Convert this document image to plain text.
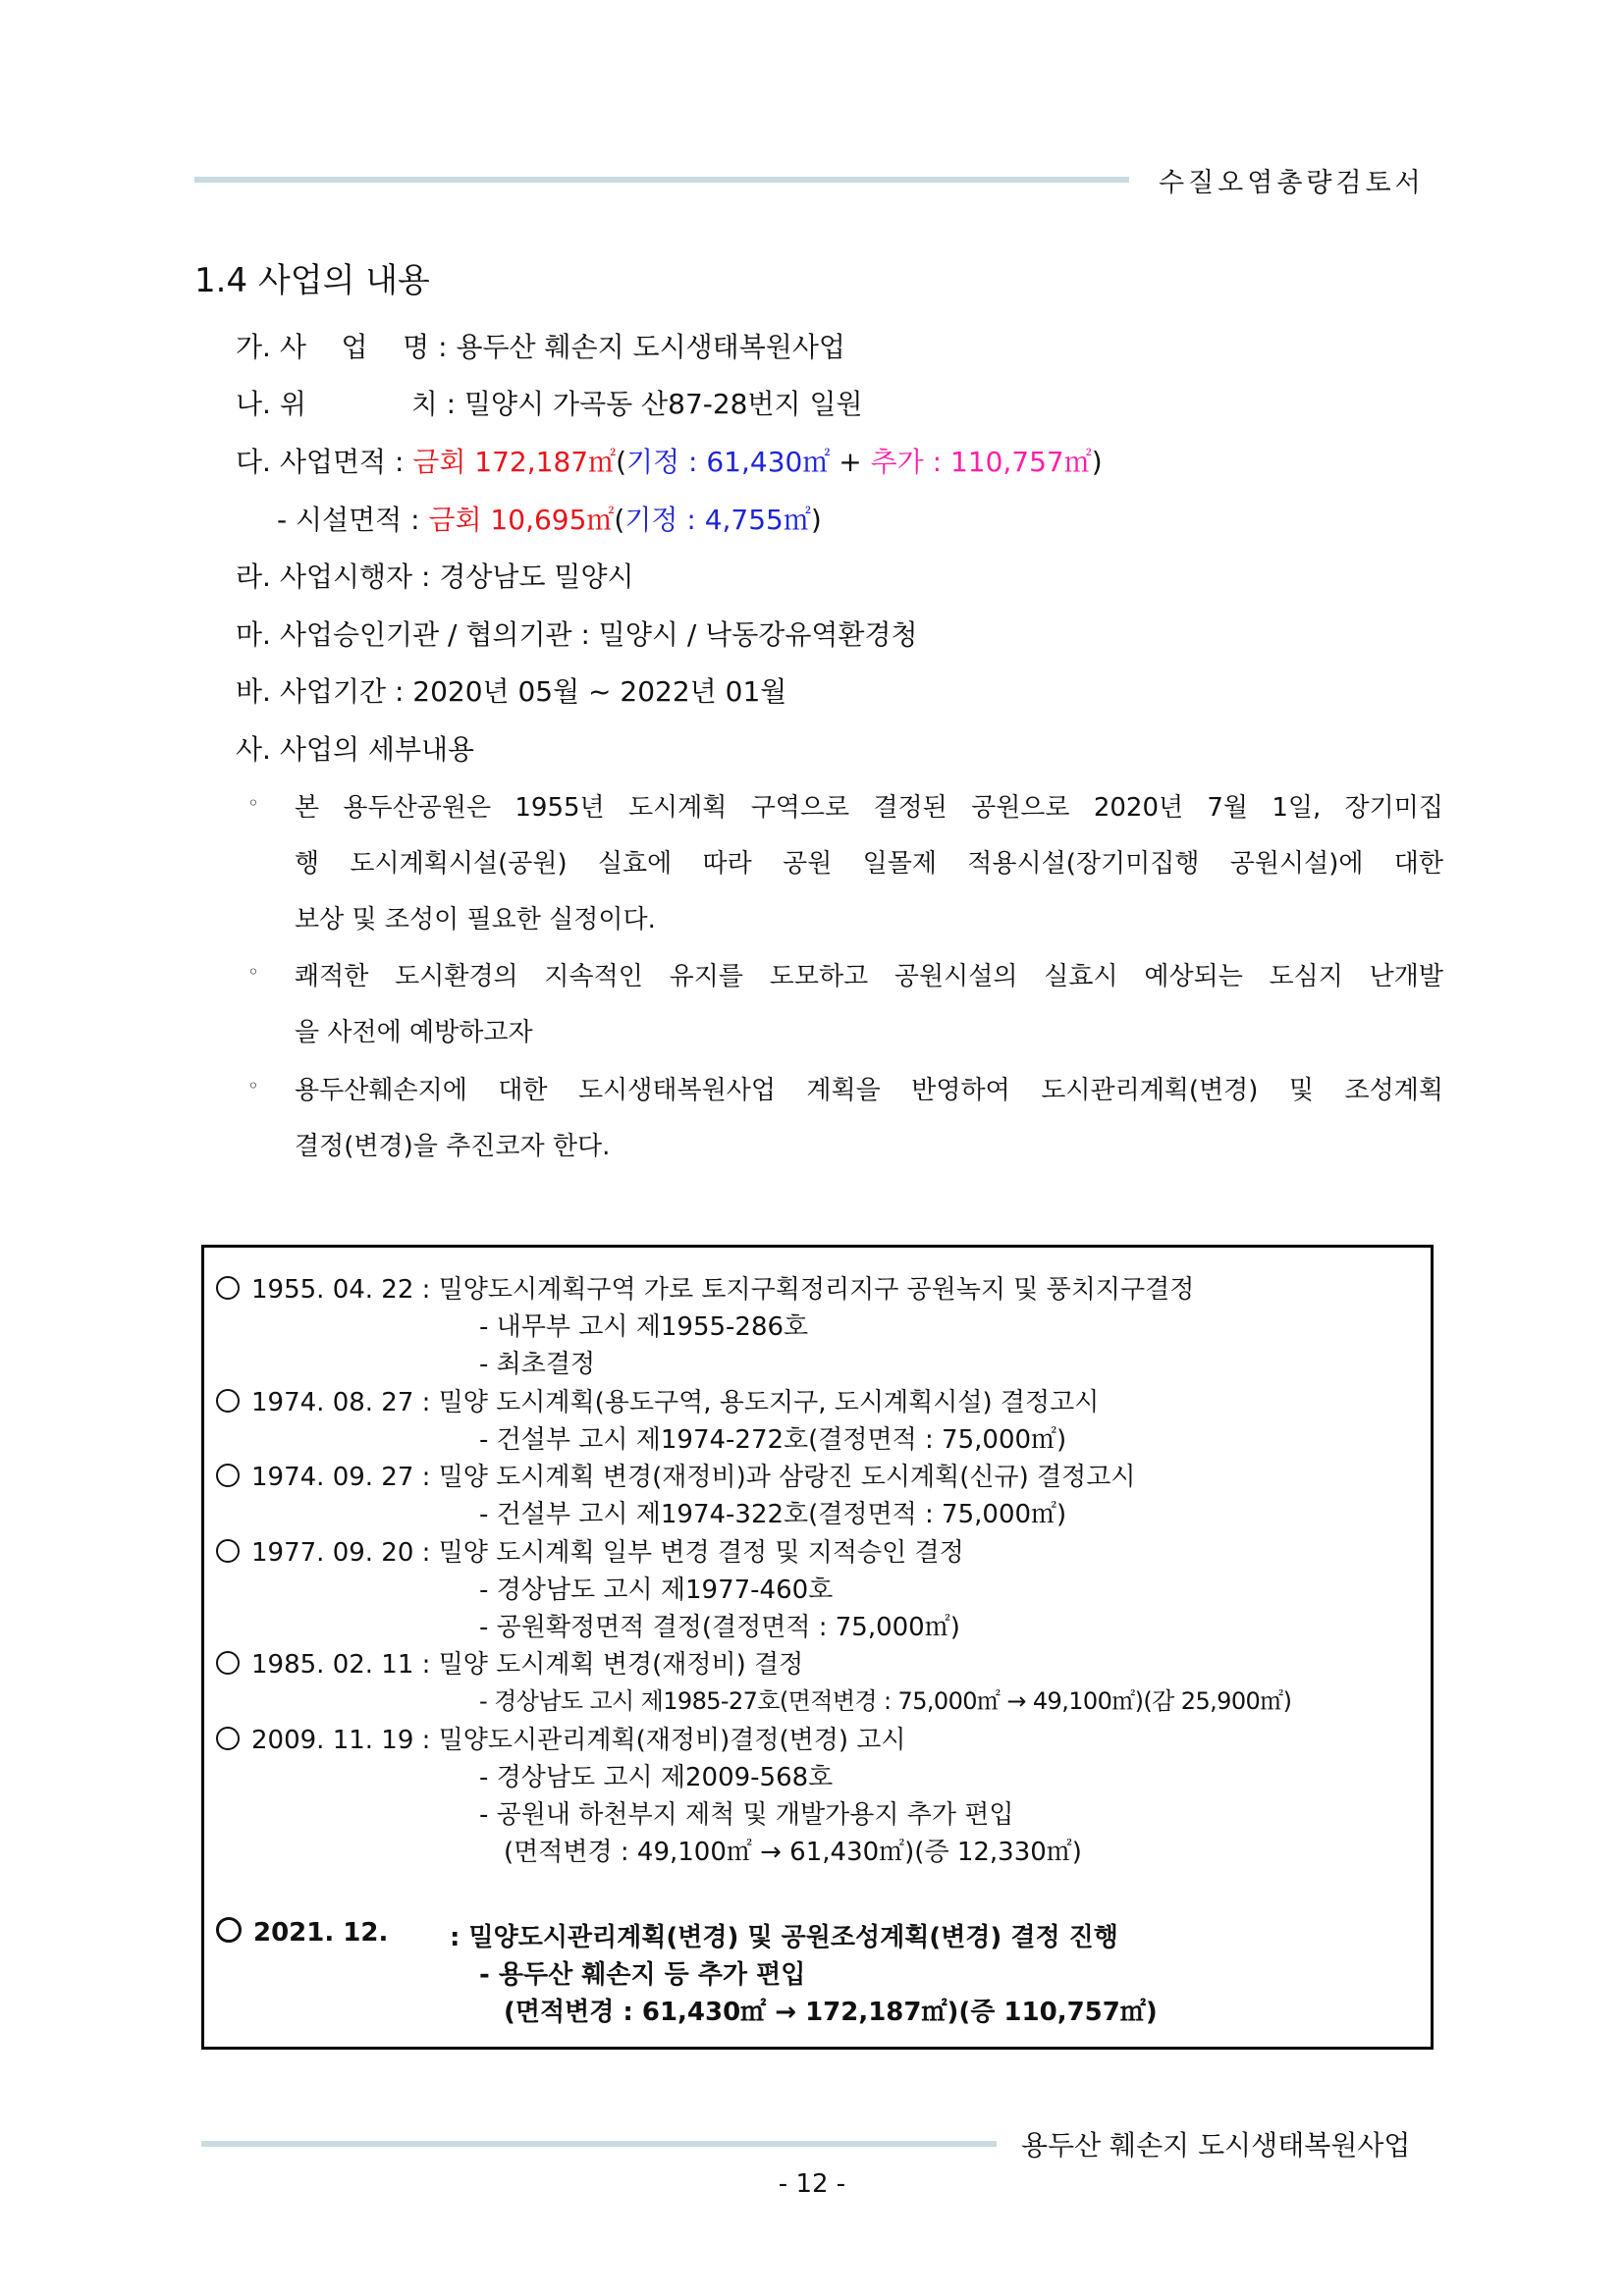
수질오염총량검토서
1.4 사업의 내용
가. 사    업    명 : 용두산 훼손지 도시생태복원사업
나. 위            치 : 밀양시 가곡동 산87-28번지 일원
다. 사업면적 : 금회 172,187㎡(기정 : 61,430㎡ + 추가 : 110,757㎡)
- 시설면적 : 금회 10,695㎡(기정 : 4,755㎡)
라. 사업시행자 : 경상남도 밀양시
마. 사업승인기관 / 협의기관 : 밀양시 / 낙동강유역환경청
바. 사업기간 : 2020년 05월 ~ 2022년 01월
사. 사업의 세부내용
◦ 본 용두산공원은 1955년 도시계획 구역으로 결정된 공원으로 2020년 7월 1일, 장기미집
행 도시계획시설(공원) 실효에 따라 공원 일몰제 적용시설(장기미집행 공원시설)에 대한
보상 및 조성이 필요한 실정이다.
◦ 쾌적한 도시환경의 지속적인 유지를 도모하고 공원시설의 실효시 예상되는 도심지 난개발
을 사전에 예방하고자
◦ 용두산훼손지에 대한 도시생태복원사업 계획을 반영하여 도시관리계획(변경) 및 조성계획
결정(변경)을 추진코자 한다.
1955. 04. 22 : 밀양도시계획구역 가로 토지구획정리지구 공원녹지 및 풍치지구결정
- 내무부 고시 제1955-286호
- 최초결정
1974. 08. 27 : 밀양 도시계획(용도구역, 용도지구, 도시계획시설) 결정고시
- 건설부 고시 제1974-272호(결정면적 : 75,000㎡)
1974. 09. 27 : 밀양 도시계획 변경(재정비)과 삼랑진 도시계획(신규) 결정고시
- 건설부 고시 제1974-322호(결정면적 : 75,000㎡)
1977. 09. 20 : 밀양 도시계획 일부 변경 결정 및 지적승인 결정
- 경상남도 고시 제1977-460호
- 공원확정면적 결정(결정면적 : 75,000㎡)
1985. 02. 11 : 밀양 도시계획 변경(재정비) 결정
- 경상남도 고시 제1985-27호(면적변경 : 75,000㎡ → 49,100㎡)(감 25,900㎡)
2009. 11. 19 : 밀양도시관리계획(재정비)결정(변경) 고시
- 경상남도 고시 제2009-568호
- 공원내 하천부지 제척 및 개발가용지 추가 편입
(면적변경 : 49,100㎡ → 61,430㎡)(증 12,330㎡)
2021. 12. : 밀양도시관리계획(변경) 및 공원조성계획(변경) 결정 진행
- 용두산 훼손지 등 추가 편입
(면적변경 : 61,430㎡ → 172,187㎡)(증 110,757㎡)
용두산 훼손지 도시생태복원사업
- 12 -
